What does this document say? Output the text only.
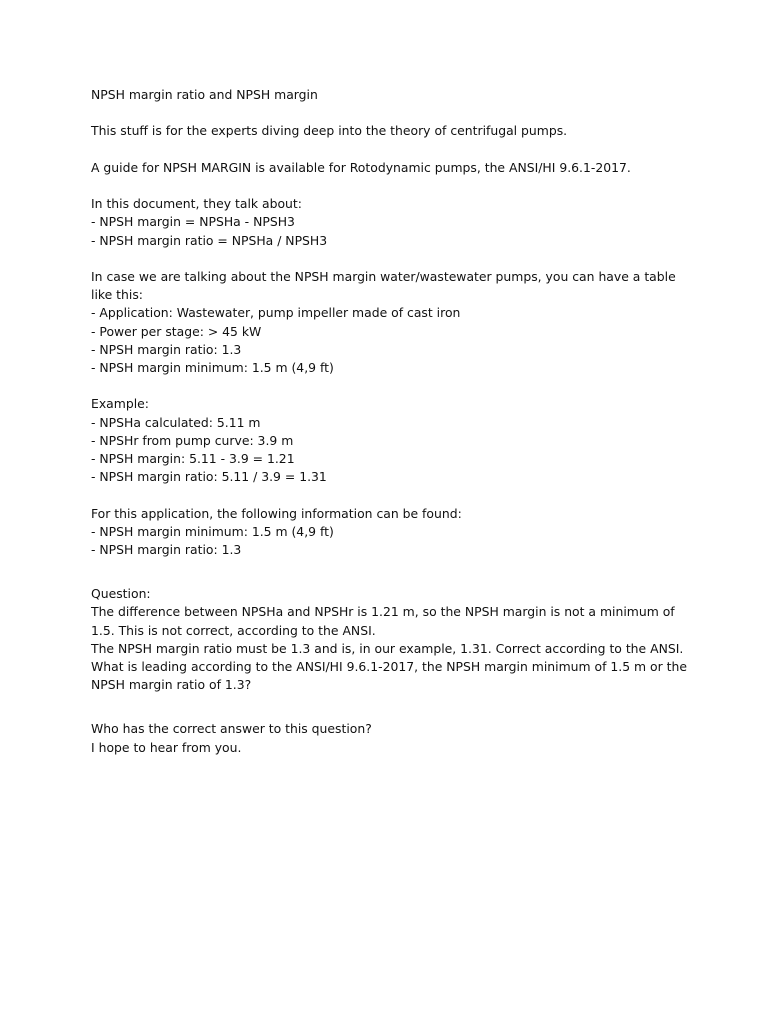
NPSH margin ratio and NPSH margin
This stuff is for the experts diving deep into the theory of centrifugal pumps.
A guide for NPSH MARGIN is available for Rotodynamic pumps, the ANSI/HI 9.6.1-2017.
In this document, they talk about:
- NPSH margin = NPSHa - NPSH3
- NPSH margin ratio = NPSHa / NPSH3
In case we are talking about the NPSH margin water/wastewater pumps, you can have a table like this:
- Application: Wastewater, pump impeller made of cast iron
- Power per stage: > 45 kW
- NPSH margin ratio: 1.3
- NPSH margin minimum: 1.5 m (4,9 ft)
Example:
- NPSHa calculated: 5.11 m
- NPSHr from pump curve: 3.9 m
- NPSH margin: 5.11 - 3.9 = 1.21
- NPSH margin ratio: 5.11 / 3.9 = 1.31
For this application, the following information can be found:
- NPSH margin minimum: 1.5 m (4,9 ft)
- NPSH margin ratio: 1.3
Question:
The difference between NPSHa and NPSHr is 1.21 m, so the NPSH margin is not a minimum of 1.5. This is not correct, according to the ANSI.
The NPSH margin ratio must be 1.3 and is, in our example, 1.31. Correct according to the ANSI.
What is leading according to the ANSI/HI 9.6.1-2017, the NPSH margin minimum of 1.5 m or the NPSH margin ratio of 1.3?
Who has the correct answer to this question?
I hope to hear from you.
